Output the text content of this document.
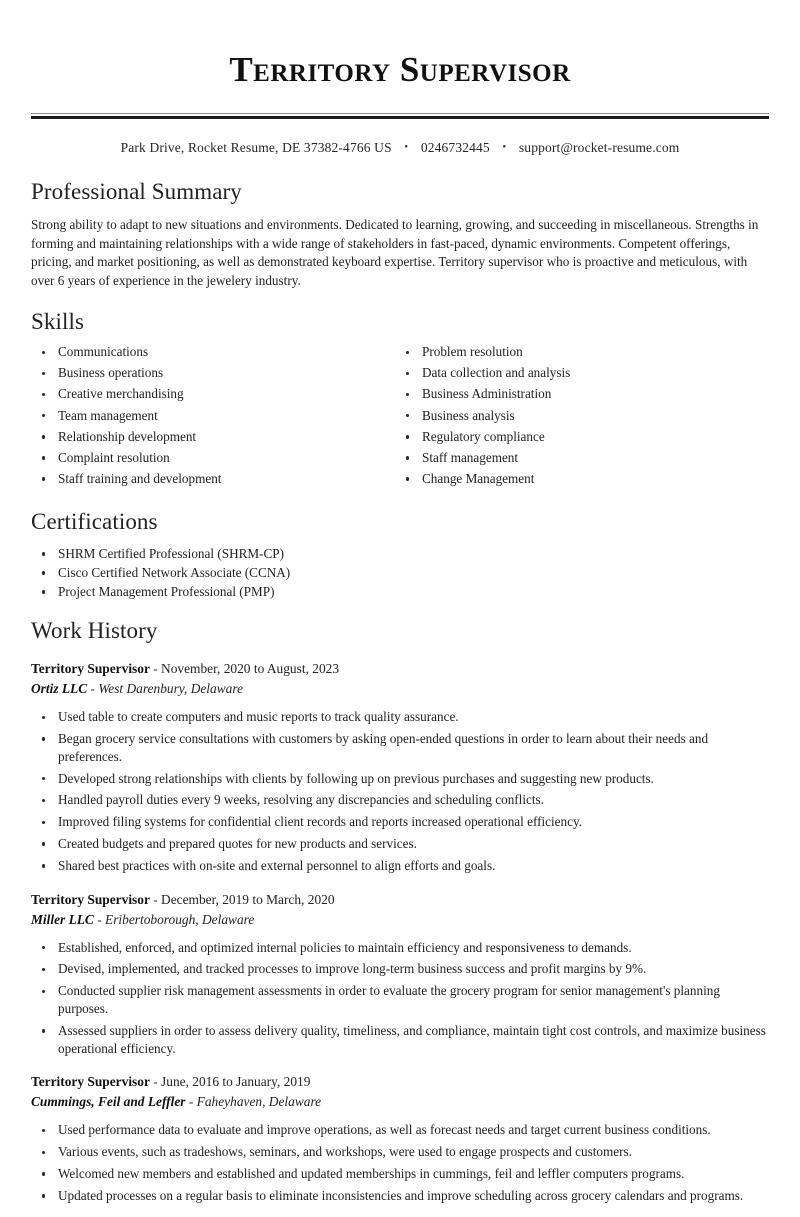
Territory Supervisor
Park Drive, Rocket Resume, DE 37382-4766 US • 0246732445 • support@rocket-resume.com
Professional Summary

Strong ability to adapt to new situations and environments. Dedicated to learning, growing, and succeeding in miscellaneous. Strengths in forming and maintaining relationships with a wide range of stakeholders in fast-paced, dynamic environments. Competent offerings, pricing, and market positioning, as well as demonstrated keyboard expertise. Territory supervisor who is proactive and meticulous, with over 6 years of experience in the jewelery industry.

Skills
Communications
Business operations
Creative merchandising
Team management
Relationship development
Complaint resolution
Staff training and development
Problem resolution
Data collection and analysis
Business Administration
Business analysis
Regulatory compliance
Staff management
Change Management
Certifications
SHRM Certified Professional (SHRM-CP)
Cisco Certified Network Associate (CCNA)
Project Management Professional (PMP)
Work History
Territory Supervisor - November, 2020 to August, 2023
Ortiz LLC - West Darenbury, Delaware
Used table to create computers and music reports to track quality assurance.
Began grocery service consultations with customers by asking open-ended questions in order to learn about their needs and preferences.
Developed strong relationships with clients by following up on previous purchases and suggesting new products.
Handled payroll duties every 9 weeks, resolving any discrepancies and scheduling conflicts.
Improved filing systems for confidential client records and reports increased operational efficiency.
Created budgets and prepared quotes for new products and services.
Shared best practices with on-site and external personnel to align efforts and goals.
Territory Supervisor - December, 2019 to March, 2020
Miller LLC - Eribertoborough, Delaware
Established, enforced, and optimized internal policies to maintain efficiency and responsiveness to demands.
Devised, implemented, and tracked processes to improve long-term business success and profit margins by 9%.
Conducted supplier risk management assessments in order to evaluate the grocery program for senior management's planning purposes.
Assessed suppliers in order to assess delivery quality, timeliness, and compliance, maintain tight cost controls, and maximize business operational efficiency.
Territory Supervisor - June, 2016 to January, 2019
Cummings, Feil and Leffler - Faheyhaven, Delaware
Used performance data to evaluate and improve operations, as well as forecast needs and target current business conditions.
Various events, such as tradeshows, seminars, and workshops, were used to engage prospects and customers.
Welcomed new members and established and updated memberships in cummings, feil and leffler computers programs.
Updated processes on a regular basis to eliminate inconsistencies and improve scheduling across grocery calendars and programs.
